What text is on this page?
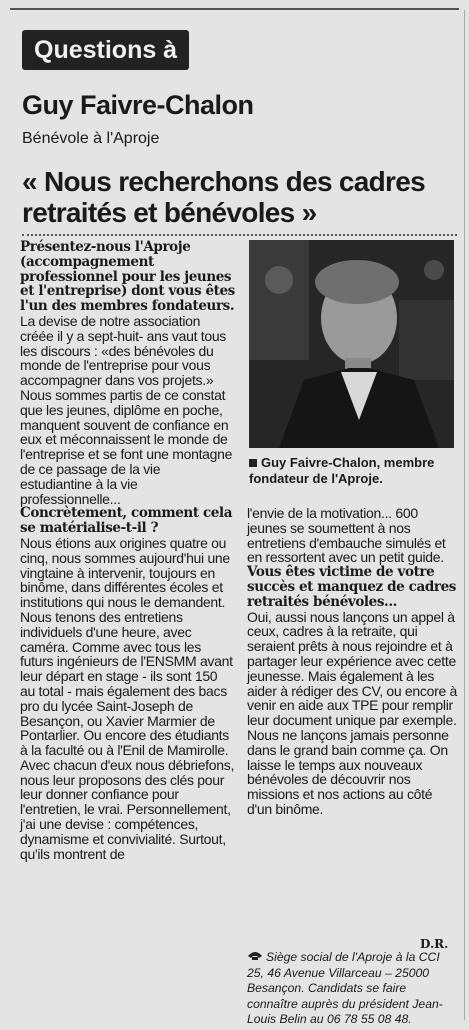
Questions à
Guy Faivre-Chalon
Bénévole à l'Aproje
« Nous recherchons des cadres retraités et bénévoles »

Présentez-nous l'Aproje (accompagnement professionnel pour les jeunes et l'entreprise) dont vous êtes l'un des membres fondateurs.

La devise de notre association créée il y a sept-huit- ans vaut tous les discours : «des bénévoles du monde de l'entreprise pour vous accompagner dans vos projets.» Nous sommes partis de ce constat que les jeunes, diplôme en poche, manquent souvent de confiance en eux et méconnaissent le monde de l'entreprise et se font une montagne de ce passage de la vie estudiantine à la vie professionnelle...

Concrètement, comment cela se matérialise-t-il ?

Nous étions aux origines quatre ou cinq, nous sommes aujourd'hui une vingtaine à intervenir, toujours en binôme, dans différentes écoles et institutions qui nous le demandent. Nous tenons des entretiens individuels d'une heure, avec caméra. Comme avec tous les futurs ingénieurs de l'ENSMM avant leur départ en stage - ils sont 150 au total - mais également des bacs pro du lycée Saint-Joseph de Besançon, ou Xavier Marmier de Pontarlier. Ou encore des étudiants à la faculté ou à l'Enil de Mamirolle. Avec chacun d'eux nous débriefons, nous leur proposons des clés pour leur donner confiance pour l'entretien, le vrai. Personnellement, j'ai une devise : compétences, dynamisme et convivialité. Surtout, qu'ils montrent de

Guy Faivre-Chalon, membre fondateur de l'Aproje.

l'envie de la motivation... 600 jeunes se soumettent à nos entretiens d'embauche simulés et en ressortent avec un petit guide.

Vous êtes victime de votre succès et manquez de cadres retraités bénévoles...

Oui, aussi nous lançons un appel à ceux, cadres à la retraite, qui seraient prêts à nous rejoindre et à partager leur expérience avec cette jeunesse. Mais également à les aider à rédiger des CV, ou encore à venir en aide aux TPE pour remplir leur document unique par exemple. Nous ne lançons jamais personne dans le grand bain comme ça. On laisse le temps aux nouveaux bénévoles de découvrir nos missions et nos actions au côté d'un binôme.

D.R.
Siège social de l'Aproje à la CCI 25, 46 Avenue Villarceau – 25000 Besançon. Candidats se faire connaître auprès du président Jean-Louis Belin au 06 78 55 08 48.
